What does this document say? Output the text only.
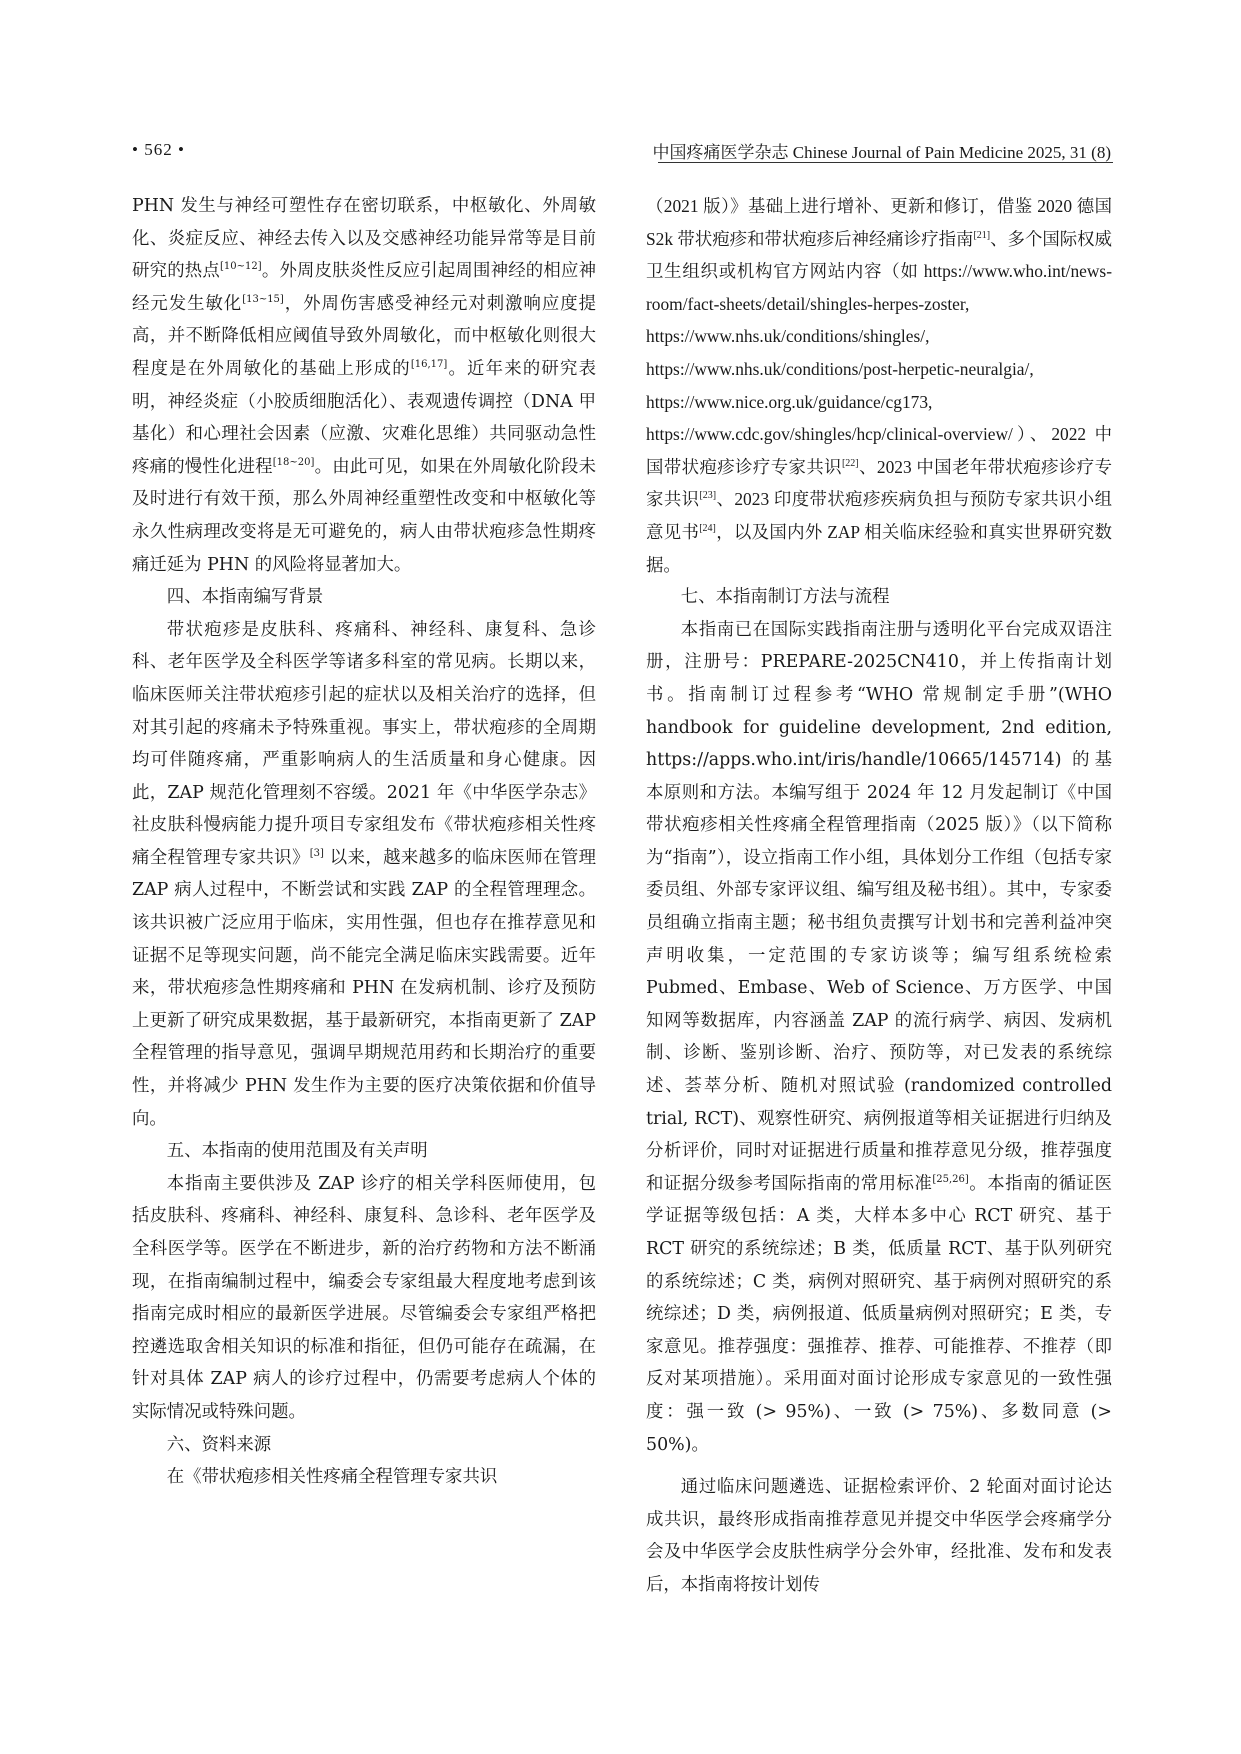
• 562 •	中国疼痛医学杂志 Chinese Journal of Pain Medicine 2025, 31 (8)

PHN 发生与神经可塑性存在密切联系，中枢敏化、外周敏化、炎症反应、神经去传入以及交感神经功能异常等是目前研究的热点[10~12]。外周皮肤炎性反应引起周围神经的相应神经元发生敏化[13~15]，外周伤害感受神经元对刺激响应度提高，并不断降低相应阈值导致外周敏化，而中枢敏化则很大程度是在外周敏化的基础上形成的[16,17]。近年来的研究表明，神经炎症（小胶质细胞活化）、表观遗传调控（DNA 甲基化）和心理社会因素（应激、灾难化思维）共同驱动急性疼痛的慢性化进程[18~20]。由此可见，如果在外周敏化阶段未及时进行有效干预，那么外周神经重塑性改变和中枢敏化等永久性病理改变将是无可避免的，病人由带状疱疹急性期疼痛迁延为 PHN 的风险将显著加大。

四、本指南编写背景

带状疱疹是皮肤科、疼痛科、神经科、康复科、急诊科、老年医学及全科医学等诸多科室的常见病。长期以来，临床医师关注带状疱疹引起的症状以及相关治疗的选择，但对其引起的疼痛未予特殊重视。事实上，带状疱疹的全周期均可伴随疼痛，严重影响病人的生活质量和身心健康。因此，ZAP 规范化管理刻不容缓。2021 年《中华医学杂志》社皮肤科慢病能力提升项目专家组发布《带状疱疹相关性疼痛全程管理专家共识》[3] 以来，越来越多的临床医师在管理 ZAP 病人过程中，不断尝试和实践 ZAP 的全程管理理念。该共识被广泛应用于临床，实用性强，但也存在推荐意见和证据不足等现实问题，尚不能完全满足临床实践需要。近年来，带状疱疹急性期疼痛和 PHN 在发病机制、诊疗及预防上更新了研究成果数据，基于最新研究，本指南更新了 ZAP 全程管理的指导意见，强调早期规范用药和长期治疗的重要性，并将减少 PHN 发生作为主要的医疗决策依据和价值导向。

五、本指南的使用范围及有关声明

本指南主要供涉及 ZAP 诊疗的相关学科医师使用，包括皮肤科、疼痛科、神经科、康复科、急诊科、老年医学及全科医学等。医学在不断进步，新的治疗药物和方法不断涌现，在指南编制过程中，编委会专家组最大程度地考虑到该指南完成时相应的最新医学进展。尽管编委会专家组严格把控遴选取舍相关知识的标准和指征，但仍可能存在疏漏，在针对具体 ZAP 病人的诊疗过程中，仍需要考虑病人个体的实际情况或特殊问题。

六、资料来源

在《带状疱疹相关性疼痛全程管理专家共识

（2021 版）》基础上进行增补、更新和修订，借鉴 2020 德国 S2k 带状疱疹和带状疱疹后神经痛诊疗指南[21]、多个国际权威卫生组织或机构官方网站内容（如 https://www.who.int/news-room/fact-sheets/detail/shingles-herpes-zoster, https://www.nhs.uk/conditions/shingles/, https://www.nhs.uk/conditions/post-herpetic-neuralgia/, https://www.nice.org.uk/guidance/cg173, https://www.cdc.gov/shingles/hcp/clinical-overview/）、2022 中国带状疱疹诊疗专家共识[22]、2023 中国老年带状疱疹诊疗专家共识[23]、2023 印度带状疱疹疾病负担与预防专家共识小组意见书[24]，以及国内外 ZAP 相关临床经验和真实世界研究数据。

七、本指南制订方法与流程

本指南已在国际实践指南注册与透明化平台完成双语注册，注册号：PREPARE-2025CN410，并上传指南计划书。指南制订过程参考“WHO 常规制定手册”(WHO handbook for guideline development, 2nd edition, https://apps.who.int/iris/handle/10665/145714) 的基本原则和方法。本编写组于 2024 年 12 月发起制订《中国带状疱疹相关性疼痛全程管理指南（2025 版）》（以下简称为“指南”），设立指南工作小组，具体划分工作组（包括专家委员组、外部专家评议组、编写组及秘书组）。其中，专家委员组确立指南主题；秘书组负责撰写计划书和完善利益冲突声明收集，一定范围的专家访谈等；编写组系统检索 Pubmed、Embase、Web of Science、万方医学、中国知网等数据库，内容涵盖 ZAP 的流行病学、病因、发病机制、诊断、鉴别诊断、治疗、预防等，对已发表的系统综述、荟萃分析、随机对照试验 (randomized controlled trial, RCT)、观察性研究、病例报道等相关证据进行归纳及分析评价，同时对证据进行质量和推荐意见分级，推荐强度和证据分级参考国际指南的常用标准[25,26]。本指南的循证医学证据等级包括：A 类，大样本多中心 RCT 研究、基于 RCT 研究的系统综述；B 类，低质量 RCT、基于队列研究的系统综述；C 类，病例对照研究、基于病例对照研究的系统综述；D 类，病例报道、低质量病例对照研究；E 类，专家意见。推荐强度：强推荐、推荐、可能推荐、不推荐（即反对某项措施）。采用面对面讨论形成专家意见的一致性强度：强一致 (> 95%)、一致 (> 75%)、多数同意 (> 50%)。

通过临床问题遴选、证据检索评价、2 轮面对面讨论达成共识，最终形成指南推荐意见并提交中华医学会疼痛学分会及中华医学会皮肤性病学分会外审，经批准、发布和发表后，本指南将按计划传
